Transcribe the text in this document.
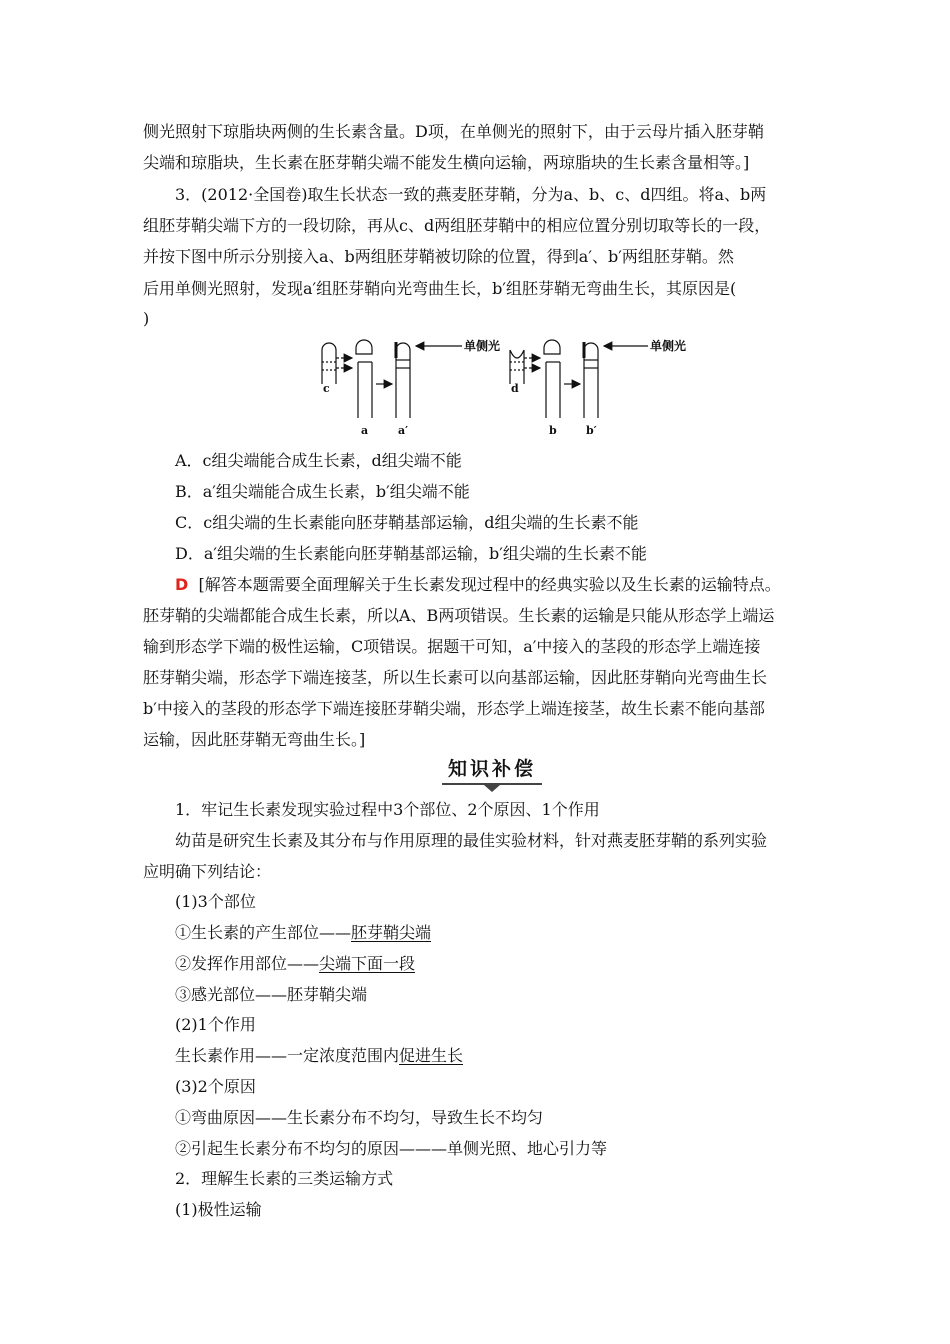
侧光照射下琼脂块两侧的生长素含量。D项，在单侧光的照射下，由于云母片插入胚芽鞘
尖端和琼脂块，生长素在胚芽鞘尖端不能发生横向运输，两琼脂块的生长素含量相等。]
3．(2012·全国卷)取生长状态一致的燕麦胚芽鞘，分为a、b、c、d四组。将a、b两
组胚芽鞘尖端下方的一段切除，再从c、d两组胚芽鞘中的相应位置分别切取等长的一段，
并按下图中所示分别接入a、b两组胚芽鞘被切除的位置，得到a′、b′两组胚芽鞘。然
后用单侧光照射，发现a′组胚芽鞘向光弯曲生长，b′组胚芽鞘无弯曲生长，其原因是(
)
单侧光	单侧光
c
a	a′
d
b	b′
A．c组尖端能合成生长素，d组尖端不能
B．a′组尖端能合成生长素，b′组尖端不能
C．c组尖端的生长素能向胚芽鞘基部运输，d组尖端的生长素不能
D．a′组尖端的生长素能向胚芽鞘基部运输，b′组尖端的生长素不能
D [解答本题需要全面理解关于生长素发现过程中的经典实验以及生长素的运输特点。
胚芽鞘的尖端都能合成生长素，所以A、B两项错误。生长素的运输是只能从形态学上端运
输到形态学下端的极性运输，C项错误。据题干可知，a′中接入的茎段的形态学上端连接
胚芽鞘尖端，形态学下端连接茎，所以生长素可以向基部运输，因此胚芽鞘向光弯曲生长
b′中接入的茎段的形态学下端连接胚芽鞘尖端，形态学上端连接茎，故生长素不能向基部
运输，因此胚芽鞘无弯曲生长。]
知识补偿
1．牢记生长素发现实验过程中3个部位、2个原因、1个作用
幼苗是研究生长素及其分布与作用原理的最佳实验材料，针对燕麦胚芽鞘的系列实验
应明确下列结论：
(1)3个部位
①生长素的产生部位——胚芽鞘尖端
②发挥作用部位——尖端下面一段
③感光部位——胚芽鞘尖端
(2)1个作用
生长素作用——一定浓度范围内促进生长
(3)2个原因
①弯曲原因——生长素分布不均匀，导致生长不均匀
②引起生长素分布不均匀的原因———单侧光照、地心引力等
2．理解生长素的三类运输方式
(1)极性运输
